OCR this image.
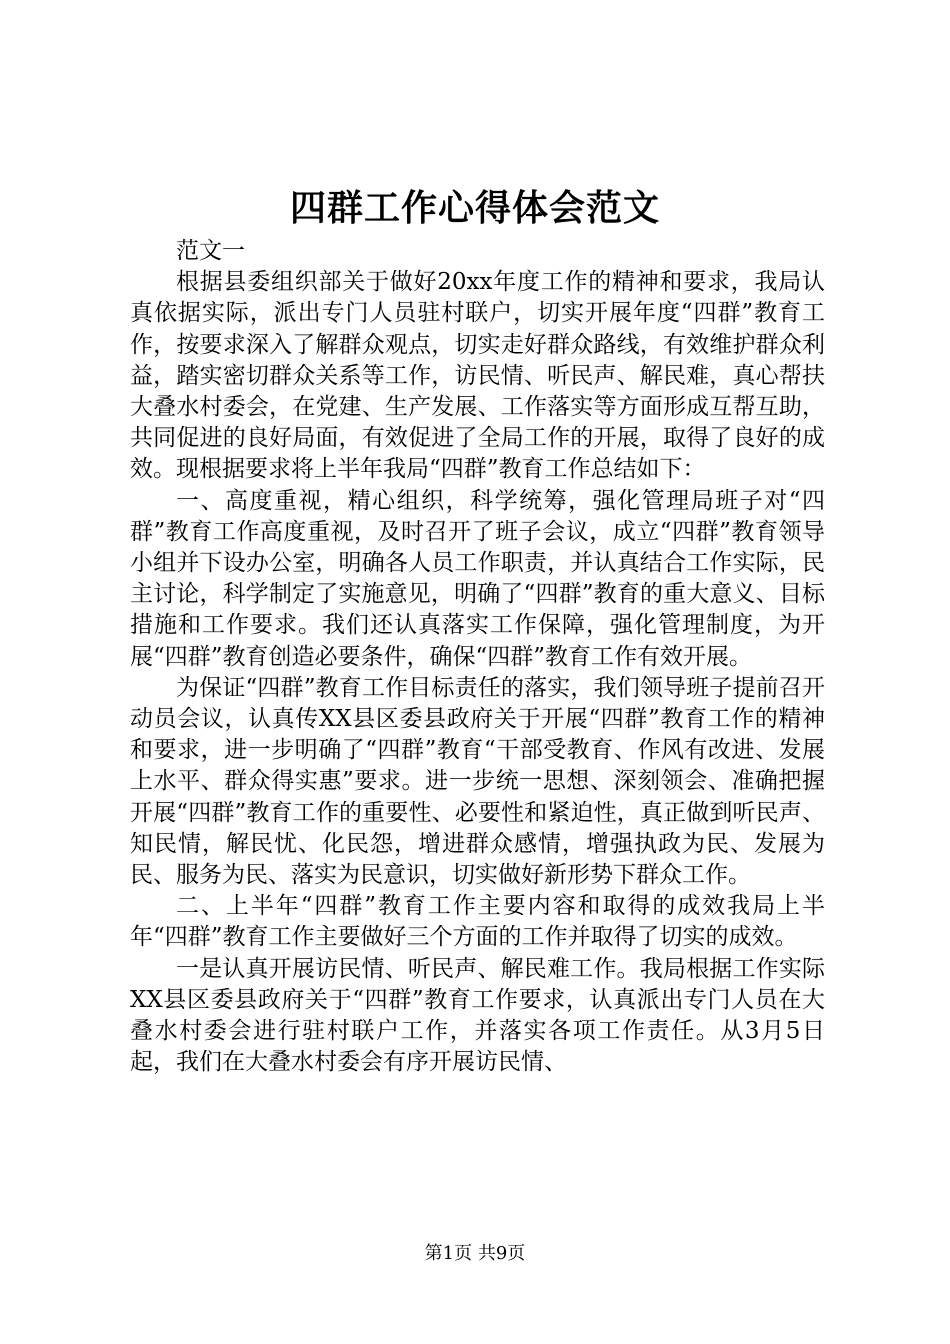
四群工作心得体会范文

范文一

根据县委组织部关于做好20xx年度工作的精神和要求，我局认真依据实际，派出专门人员驻村联户，切实开展年度“四群”教育工作，按要求深入了解群众观点，切实走好群众路线，有效维护群众利益，踏实密切群众关系等工作，访民情、听民声、解民难，真心帮扶大叠水村委会，在党建、生产发展、工作落实等方面形成互帮互助，共同促进的良好局面，有效促进了全局工作的开展，取得了良好的成效。现根据要求将上半年我局“四群”教育工作总结如下：

一、高度重视，精心组织，科学统筹，强化管理局班子对“四群”教育工作高度重视，及时召开了班子会议，成立“四群”教育领导小组并下设办公室，明确各人员工作职责，并认真结合工作实际，民主讨论，科学制定了实施意见，明确了“四群”教育的重大意义、目标措施和工作要求。我们还认真落实工作保障，强化管理制度，为开展“四群”教育创造必要条件，确保“四群”教育工作有效开展。

为保证“四群”教育工作目标责任的落实，我们领导班子提前召开动员会议，认真传XX县区委县政府关于开展“四群”教育工作的精神和要求，进一步明确了“四群”教育“干部受教育、作风有改进、发展上水平、群众得实惠”要求。进一步统一思想、深刻领会、准确把握开展“四群”教育工作的重要性、必要性和紧迫性，真正做到听民声、知民情，解民忧、化民怨，增进群众感情，增强执政为民、发展为民、服务为民、落实为民意识，切实做好新形势下群众工作。

二、上半年“四群”教育工作主要内容和取得的成效我局上半年“四群”教育工作主要做好三个方面的工作并取得了切实的成效。

一是认真开展访民情、听民声、解民难工作。我局根据工作实际XX县区委县政府关于“四群”教育工作要求，认真派出专门人员在大叠水村委会进行驻村联户工作，并落实各项工作责任。从3月5日起，我们在大叠水村委会有序开展访民情、

第1页 共9页
